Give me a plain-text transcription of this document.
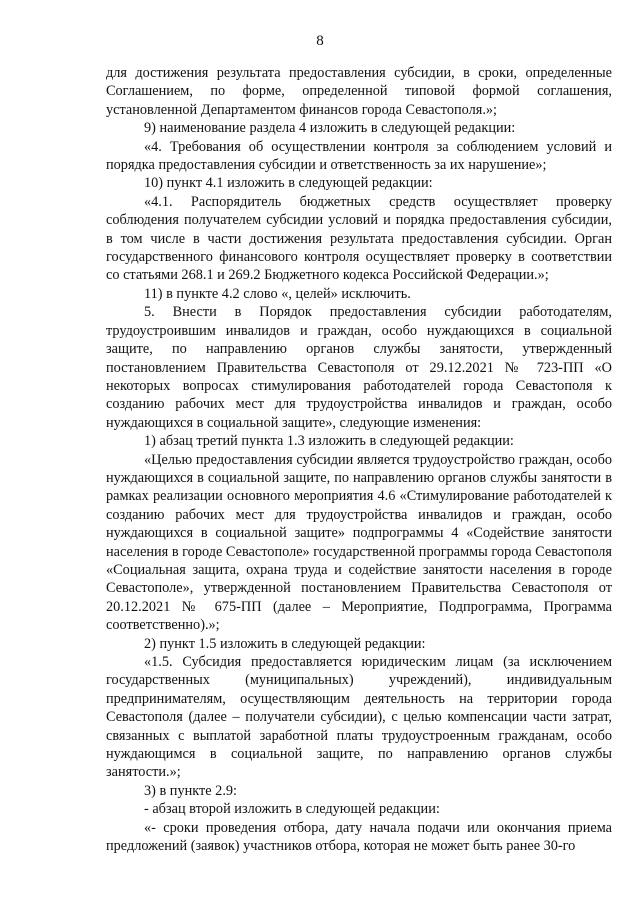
8

для достижения результата предоставления субсидии, в сроки, определенные Соглашением, по форме, определенной типовой формой соглашения, установленной Департаментом финансов города Севастополя.»;

9) наименование раздела 4 изложить в следующей редакции:

«4. Требования об осуществлении контроля за соблюдением условий и порядка предоставления субсидии и ответственность за их нарушение»;

10) пункт 4.1 изложить в следующей редакции:

«4.1. Распорядитель бюджетных средств осуществляет проверку соблюдения получателем субсидии условий и порядка предоставления субсидии, в том числе в части достижения результата предоставления субсидии. Орган государственного финансового контроля осуществляет проверку в соответствии со статьями 268.1 и 269.2 Бюджетного кодекса Российской Федерации.»;

11) в пункте 4.2 слово «, целей» исключить.

5. Внести в Порядок предоставления субсидии работодателям, трудоустроившим инвалидов и граждан, особо нуждающихся в социальной защите, по направлению органов службы занятости, утвержденный постановлением Правительства Севастополя от 29.12.2021 № 723-ПП «О некоторых вопросах стимулирования работодателей города Севастополя к созданию рабочих мест для трудоустройства инвалидов и граждан, особо нуждающихся в социальной защите», следующие изменения:

1) абзац третий пункта 1.3 изложить в следующей редакции:

«Целью предоставления субсидии является трудоустройство граждан, особо нуждающихся в социальной защите, по направлению органов службы занятости в рамках реализации основного мероприятия 4.6 «Стимулирование работодателей к созданию рабочих мест для трудоустройства инвалидов и граждан, особо нуждающихся в социальной защите» подпрограммы 4 «Содействие занятости населения в городе Севастополе» государственной программы города Севастополя «Социальная защита, охрана труда и содействие занятости населения в городе Севастополе», утвержденной постановлением Правительства Севастополя от 20.12.2021 № 675-ПП (далее – Мероприятие, Подпрограмма, Программа соответственно).»;

2) пункт 1.5 изложить в следующей редакции:

«1.5. Субсидия предоставляется юридическим лицам (за исключением государственных (муниципальных) учреждений), индивидуальным предпринимателям, осуществляющим деятельность на территории города Севастополя (далее – получатели субсидии), с целью компенсации части затрат, связанных с выплатой заработной платы трудоустроенным гражданам, особо нуждающимся в социальной защите, по направлению органов службы занятости.»;

3) в пункте 2.9:

- абзац второй изложить в следующей редакции:

«- сроки проведения отбора, дату начала подачи или окончания приема предложений (заявок) участников отбора, которая не может быть ранее 30-го
